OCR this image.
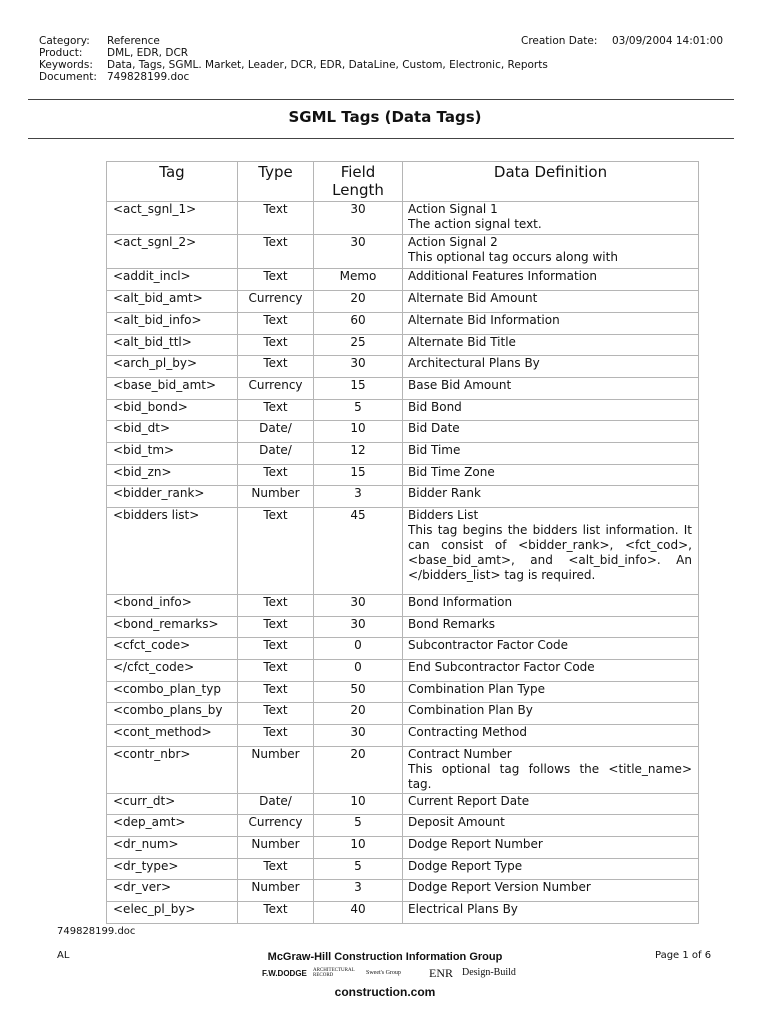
Category: Reference
Product: DML, EDR, DCR
Keywords: Data, Tags, SGML. Market, Leader, DCR, EDR, DataLine, Custom, Electronic, Reports
Document: 749828199.doc
Creation Date: 03/09/2004 14:01:00
SGML Tags (Data Tags)
Tag	Type	Field Length	Data Definition
<act_sgnl_1>	Text	30	Action Signal 1
The action signal text.

<act_sgnl_2>	Text	30	Action Signal 2
This optional tag occurs along with

<addit_incl>	Text	Memo	Additional Features Information

<alt_bid_amt>	Currency	20	Alternate Bid Amount

<alt_bid_info>	Text	60	Alternate Bid Information

<alt_bid_ttl>	Text	25	Alternate Bid Title

<arch_pl_by>	Text	30	Architectural Plans By

<base_bid_amt>	Currency	15	Base Bid Amount

<bid_bond>	Text	5	Bid Bond

<bid_dt>	Date/	10	Bid Date

<bid_tm>	Date/	12	Bid Time

<bid_zn>	Text	15	Bid Time Zone

<bidder_rank>	Number	3	Bidder Rank

<bidders list>	Text	45	Bidders List
This tag begins the bidders list information. It can consist of <bidder_rank>, <fct_cod>, <base_bid_amt>, and <alt_bid_info>. An </bidders_list> tag is required.

<bond_info>	Text	30	Bond Information

<bond_remarks>	Text	30	Bond Remarks

<cfct_code>	Text	0	Subcontractor Factor Code

</cfct_code>	Text	0	End Subcontractor Factor Code

<combo_plan_typ	Text	50	Combination Plan Type

<combo_plans_by	Text	20	Combination Plan By

<cont_method>	Text	30	Contracting Method

<contr_nbr>	Number	20	Contract Number
This optional tag follows the <title_name> tag.

<curr_dt>	Date/	10	Current Report Date

<dep_amt>	Currency	5	Deposit Amount

<dr_num>	Number	10	Dodge Report Number

<dr_type>	Text	5	Dodge Report Type

<dr_ver>	Number	3	Dodge Report Version Number

<elec_pl_by>	Text	40	Electrical Plans By
749828199.doc
AL	Page 1 of 6
McGraw-Hill Construction Information Group
F.W.DODGE ARCHITECTURAL RECORD	Sweet's Group ENR Design-Build
construction.com
